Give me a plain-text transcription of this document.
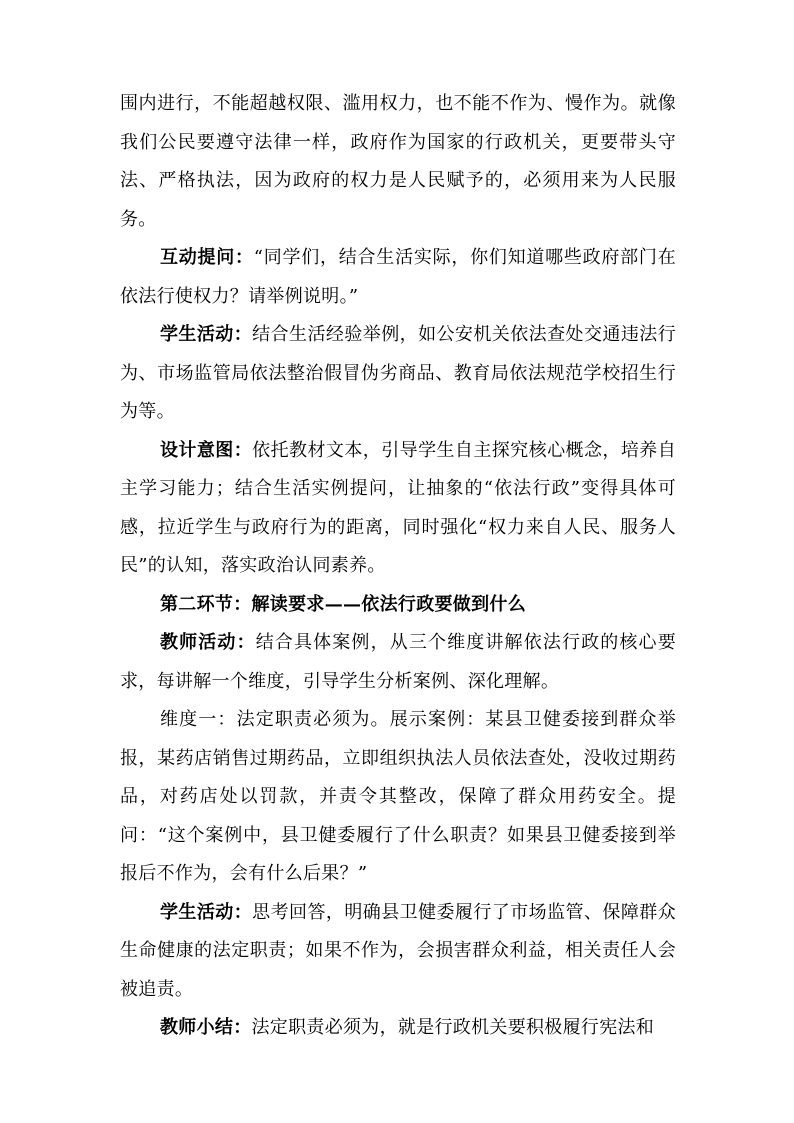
围内进行，不能超越权限、滥用权力，也不能不作为、慢作为。就像我们公民要遵守法律一样，政府作为国家的行政机关，更要带头守法、严格执法，因为政府的权力是人民赋予的，必须用来为人民服务。

互动提问：“同学们，结合生活实际，你们知道哪些政府部门在依法行使权力？请举例说明。”

学生活动：结合生活经验举例，如公安机关依法查处交通违法行为、市场监管局依法整治假冒伪劣商品、教育局依法规范学校招生行为等。

设计意图：依托教材文本，引导学生自主探究核心概念，培养自主学习能力；结合生活实例提问，让抽象的“依法行政”变得具体可感，拉近学生与政府行为的距离，同时强化“权力来自人民、服务人民”的认知，落实政治认同素养。

第二环节：解读要求——依法行政要做到什么

教师活动：结合具体案例，从三个维度讲解依法行政的核心要求，每讲解一个维度，引导学生分析案例、深化理解。

维度一：法定职责必须为。展示案例：某县卫健委接到群众举报，某药店销售过期药品，立即组织执法人员依法查处，没收过期药品，对药店处以罚款，并责令其整改，保障了群众用药安全。提问：“这个案例中，县卫健委履行了什么职责？如果县卫健委接到举报后不作为，会有什么后果？”

学生活动：思考回答，明确县卫健委履行了市场监管、保障群众生命健康的法定职责；如果不作为，会损害群众利益，相关责任人会被追责。

教师小结：法定职责必须为，就是行政机关要积极履行宪法和
